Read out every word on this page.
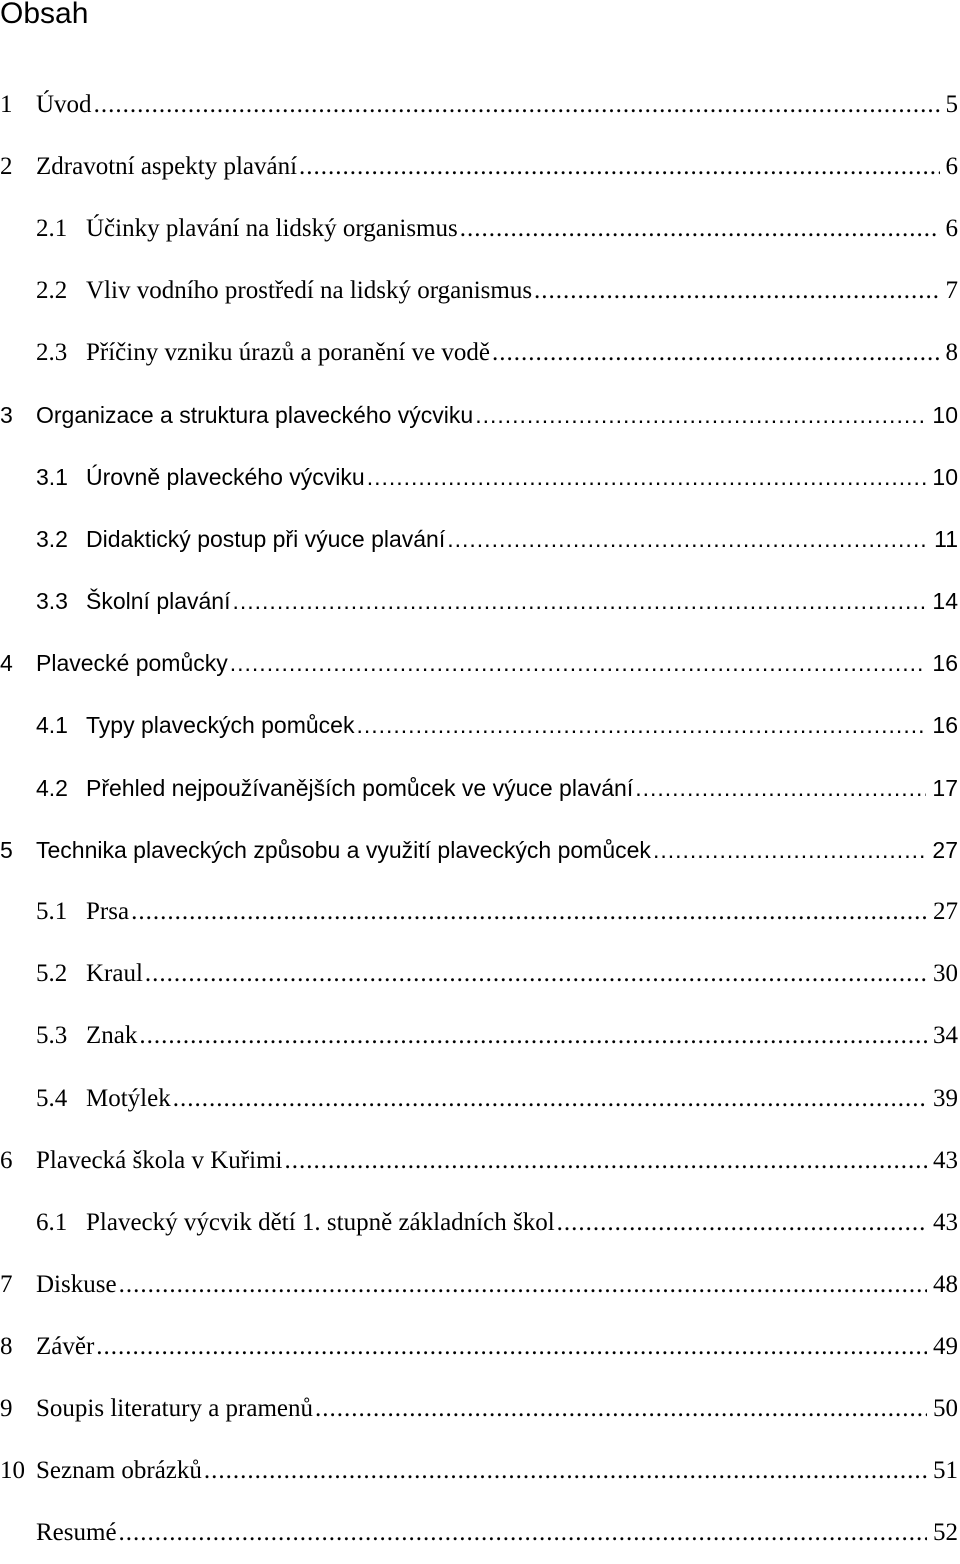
Obsah
1 Úvod .....	5
2 Zdravotní aspekty plavání .....	6
2.1 Účinky plavání na lidský organismus .....	6
2.2 Vliv vodního prostředí na lidský organismus .....	7
2.3 Příčiny vzniku úrazů a poranění ve vodě .....	8
3	Organizace a struktura plaveckého výcviku .....	10
3.1 Úrovně plaveckého výcviku .....	10
3.2 Didaktický postup při výuce plavání .....	11
3.3 Školní plavání .....	14
4	Plavecké pomůcky .....	16
4.1 Typy plaveckých pomůcek .....	16
4.2 Přehled nejpoužívanějších pomůcek ve výuce plavání .....	17
5	Technika plaveckých způsobu a využití plaveckých pomůcek .....	27
5.1 Prsa .....	27
5.2 Kraul .....	30
5.3 Znak .....	34
5.4 Motýlek .....	39
6 Plavecká škola v Kuřimi .....	43
6.1 Plavecký výcvik dětí 1. stupně základních škol .....	43
7 Diskuse .....	48
8 Závěr .....	49
9 Soupis literatury a pramenů .....	50
10 Seznam obrázků .....	51
Resumé .....	52
